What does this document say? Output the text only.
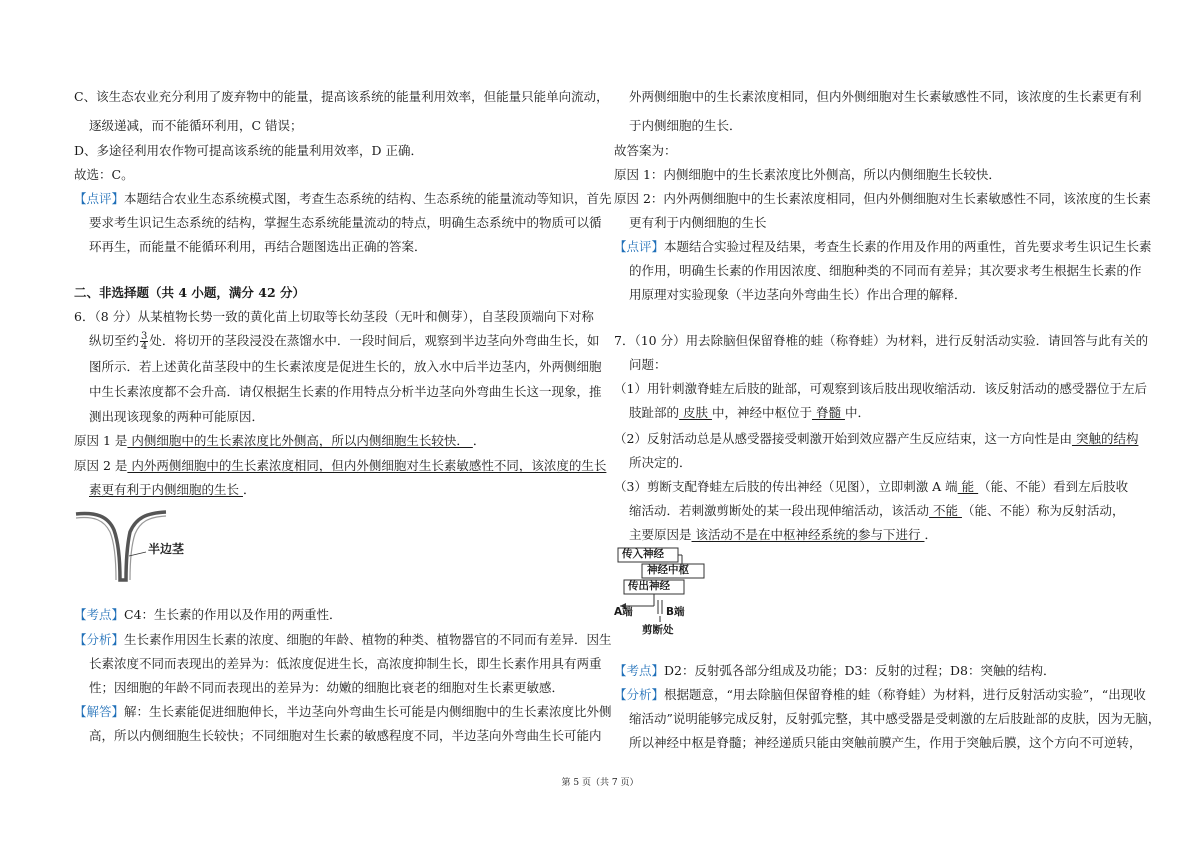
C、该生态农业充分利用了废弃物中的能量，提高该系统的能量利用效率，但能量只能单向流动，
逐级递减，而不能循环利用，C 错误；
D、多途径利用农作物可提高该系统的能量利用效率，D 正确．
故选：C。
【点评】本题结合农业生态系统模式图，考查生态系统的结构、生态系统的能量流动等知识，首先
要求考生识记生态系统的结构，掌握生态系统能量流动的特点，明确生态系统中的物质可以循
环再生，而能量不能循环利用，再结合题图选出正确的答案．
二、非选择题（共 4 小题，满分 42 分）
6．（8 分）从某植物长势一致的黄化苗上切取等长幼茎段（无叶和侧芽），自茎段顶端向下对称
纵切至约 $\frac{3}{4}$ 处．将切开的茎段浸没在蒸馏水中．一段时间后，观察到半边茎向外弯曲生长，如
图所示．若上述黄化苗茎段中的生长素浓度是促进生长的，放入水中后半边茎内，外两侧细胞
中生长素浓度都不会升高．请仅根据生长素的作用特点分析半边茎向外弯曲生长这一现象，推
测出现该现象的两种可能原因．
原因 1 是 内侧细胞中的生长素浓度比外侧高，所以内侧细胞生长较快． ．
原因 2 是 内外两侧细胞中的生长素浓度相同，但内外侧细胞对生长素敏感性不同，该浓度的生长
素更有利于内侧细胞的生长 ．
半边茎
【考点】C4：生长素的作用以及作用的两重性．
【分析】生长素作用因生长素的浓度、细胞的年龄、植物的种类、植物器官的不同而有差异．因生
长素浓度不同而表现出的差异为：低浓度促进生长，高浓度抑制生长，即生长素作用具有两重
性；因细胞的年龄不同而表现出的差异为：幼嫩的细胞比衰老的细胞对生长素更敏感．
【解答】解：生长素能促进细胞伸长，半边茎向外弯曲生长可能是内侧细胞中的生长素浓度比外侧
高，所以内侧细胞生长较快；不同细胞对生长素的敏感程度不同，半边茎向外弯曲生长可能内
外两侧细胞中的生长素浓度相同，但内外侧细胞对生长素敏感性不同，该浓度的生长素更有利
于内侧细胞的生长．
故答案为：
原因 1：内侧细胞中的生长素浓度比外侧高，所以内侧细胞生长较快．
原因 2：内外两侧细胞中的生长素浓度相同，但内外侧细胞对生长素敏感性不同，该浓度的生长素
更有利于内侧细胞的生长
【点评】本题结合实验过程及结果，考查生长素的作用及作用的两重性，首先要求考生识记生长素
的作用，明确生长素的作用因浓度、细胞种类的不同而有差异；其次要求考生根据生长素的作
用原理对实验现象（半边茎向外弯曲生长）作出合理的解释．
7．（10 分）用去除脑但保留脊椎的蛙（称脊蛙）为材料，进行反射活动实验．请回答与此有关的
问题：
（1）用针刺激脊蛙左后肢的趾部，可观察到该后肢出现收缩活动．该反射活动的感受器位于左后
肢趾部的 皮肤 中，神经中枢位于 脊髓 中．
（2）反射活动总是从感受器接受刺激开始到效应器产生反应结束，这一方向性是由 突触的结构
所决定的．
（3）剪断支配脊蛙左后肢的传出神经（见图），立即刺激 A 端 能 （能、不能）看到左后肢收
缩活动．若刺激剪断处的某一段出现伸缩活动，该活动 不能 （能、不能）称为反射活动，
主要原因是 该活动不是在中枢神经系统的参与下进行 ．
传入神经
神经中枢
传出神经
A端	B端
剪断处
【考点】D2：反射弧各部分组成及功能；D3：反射的过程；D8：突触的结构．
【分析】根据题意，“用去除脑但保留脊椎的蛙（称脊蛙）为材料，进行反射活动实验”，“出现收
缩活动”说明能够完成反射，反射弧完整，其中感受器是受刺激的左后肢趾部的皮肤，因为无脑，
所以神经中枢是脊髓；神经递质只能由突触前膜产生，作用于突触后膜，这个方向不可逆转，
第 5 页（共 7 页）
